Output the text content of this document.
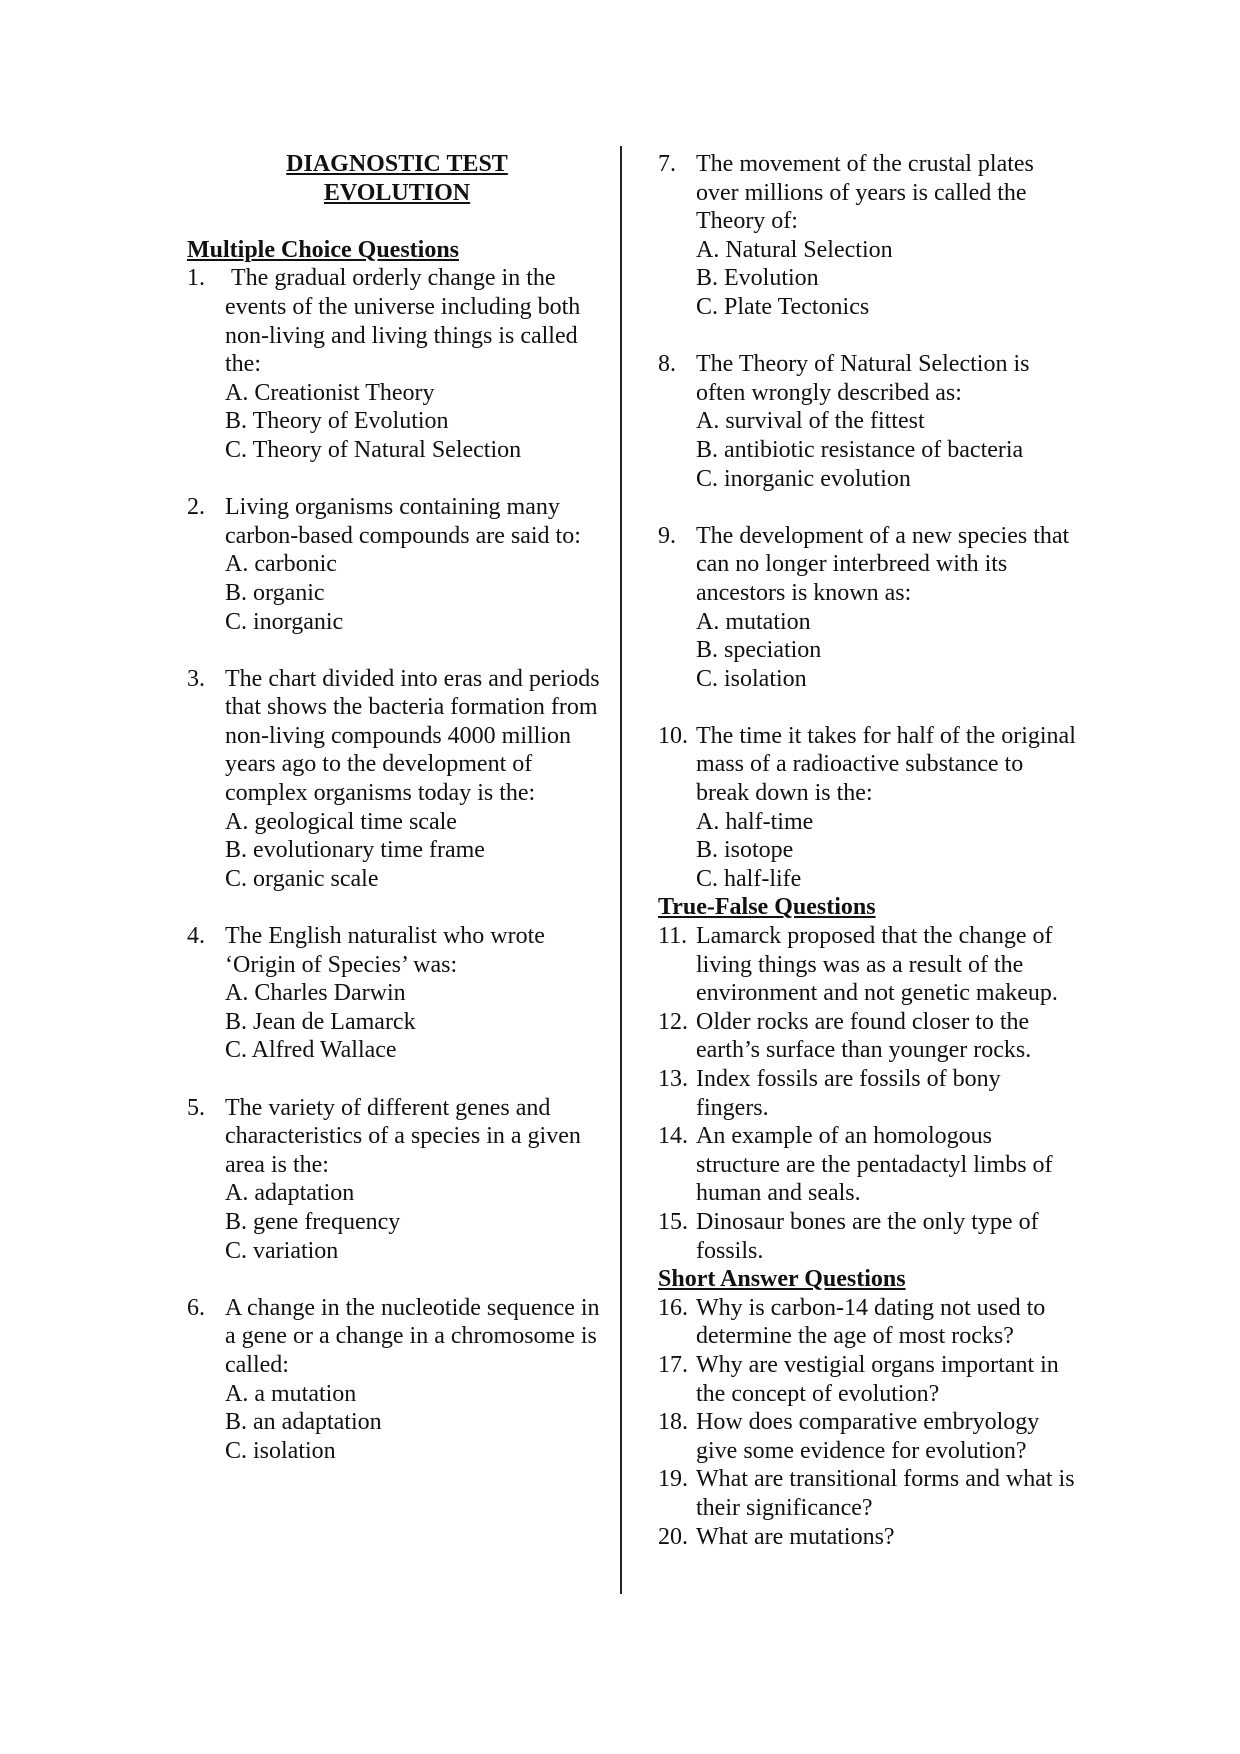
DIAGNOSTIC TEST
EVOLUTION
Multiple Choice Questions
1. The gradual orderly change in the events of the universe including both non-living and living things is called the:
A. Creationist Theory
B. Theory of Evolution
C. Theory of Natural Selection
2. Living organisms containing many carbon-based compounds are said to:
A. carbonic
B. organic
C. inorganic
3. The chart divided into eras and periods that shows the bacteria formation from non-living compounds 4000 million years ago to the development of complex organisms today is the:
A. geological time scale
B. evolutionary time frame
C. organic scale
4. The English naturalist who wrote ‘Origin of Species’ was:
A. Charles Darwin
B. Jean de Lamarck
C. Alfred Wallace
5. The variety of different genes and characteristics of a species in a given area is the:
A. adaptation
B. gene frequency
C. variation
6. A change in the nucleotide sequence in a gene or a change in a chromosome is called:
A. a mutation
B. an adaptation
C. isolation
7. The movement of the crustal plates over millions of years is called the Theory of:
A. Natural Selection
B. Evolution
C. Plate Tectonics
8. The Theory of Natural Selection is often wrongly described as:
A. survival of the fittest
B. antibiotic resistance of bacteria
C. inorganic evolution
9. The development of a new species that can no longer interbreed with its ancestors is known as:
A. mutation
B. speciation
C. isolation
10. The time it takes for half of the original mass of a radioactive substance to break down is the:
A. half-time
B. isotope
C. half-life
True-False Questions
11. Lamarck proposed that the change of living things was as a result of the environment and not genetic makeup.
12. Older rocks are found closer to the earth’s surface than younger rocks.
13. Index fossils are fossils of bony fingers.
14. An example of an homologous structure are the pentadactyl limbs of human and seals.
15. Dinosaur bones are the only type of fossils.
Short Answer Questions
16. Why is carbon-14 dating not used to determine the age of most rocks?
17. Why are vestigial organs important in the concept of evolution?
18. How does comparative embryology give some evidence for evolution?
19. What are transitional forms and what is their significance?
20. What are mutations?
